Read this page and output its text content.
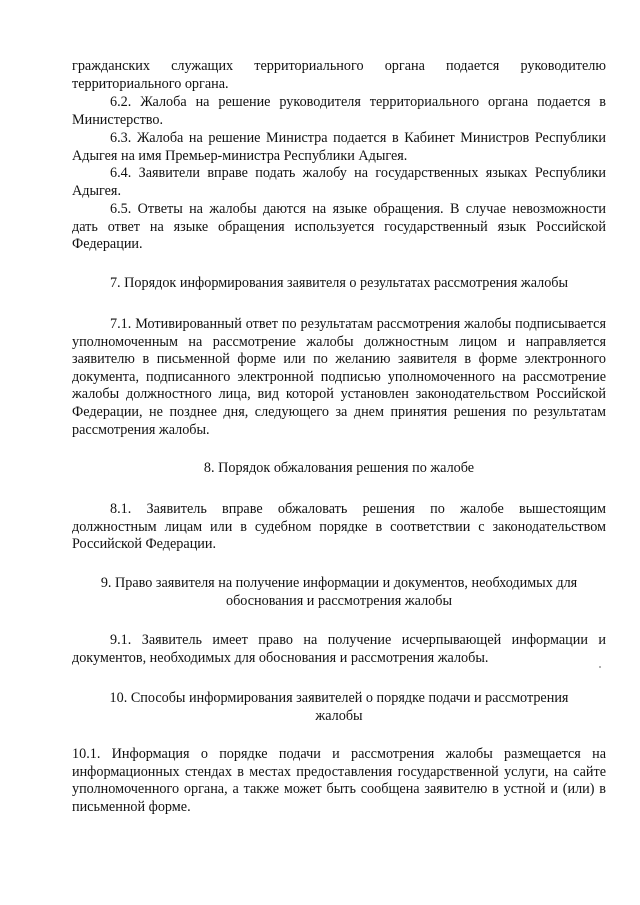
гражданских служащих территориального органа подается руководителю территориального органа.

6.2. Жалоба на решение руководителя территориального органа подается в Министерство.

6.3. Жалоба на решение Министра подается в Кабинет Министров Республики Адыгея на имя Премьер-министра Республики Адыгея.

6.4. Заявители вправе подать жалобу на государственных языках Республики Адыгея.

6.5. Ответы на жалобы даются на языке обращения. В случае невозможности дать ответ на языке обращения используется государственный язык Российской Федерации.

7. Порядок информирования заявителя о результатах рассмотрения жалобы

7.1. Мотивированный ответ по результатам рассмотрения жалобы подписывается уполномоченным на рассмотрение жалобы должностным лицом и направляется заявителю в письменной форме или по желанию заявителя в форме электронного документа, подписанного электронной подписью уполномоченного на рассмотрение жалобы должностного лица, вид которой установлен законодательством Российской Федерации, не позднее дня, следующего за днем принятия решения по результатам рассмотрения жалобы.

8. Порядок обжалования решения по жалобе

8.1. Заявитель вправе обжаловать решения по жалобе вышестоящим должностным лицам или в судебном порядке в соответствии с законодательством Российской Федерации.

9. Право заявителя на получение информации и документов, необходимых для обоснования и рассмотрения жалобы

9.1. Заявитель имеет право на получение исчерпывающей информации и документов, необходимых для обоснования и рассмотрения жалобы.

10. Способы информирования заявителей о порядке подачи и рассмотрения жалобы

10.1. Информация о порядке подачи и рассмотрения жалобы размещается на информационных стендах в местах предоставления государственной услуги, на сайте уполномоченного органа, а также может быть сообщена заявителю в устной и (или) в письменной форме.
